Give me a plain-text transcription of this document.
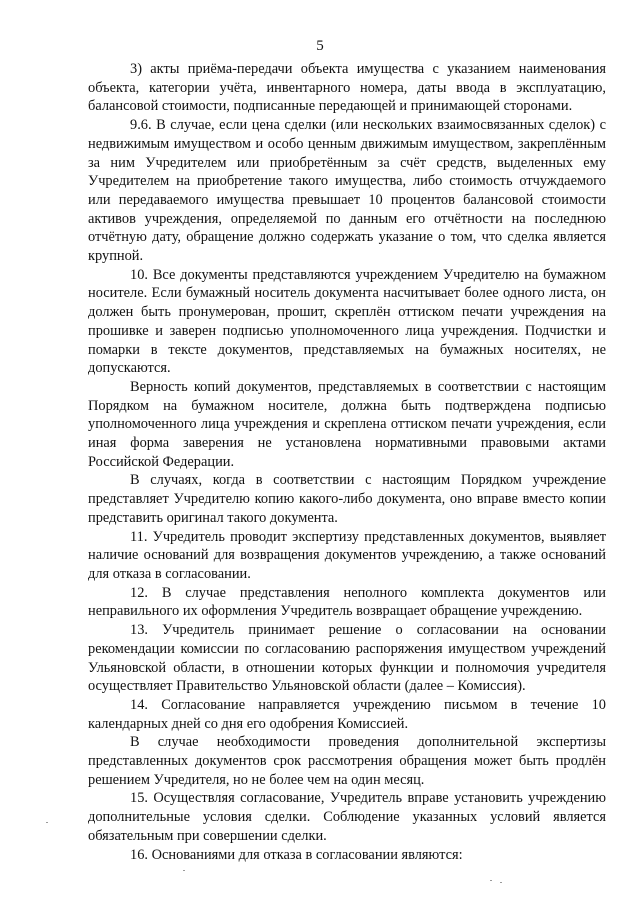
5

3) акты приёма-передачи объекта имущества с указанием наименования объекта, категории учёта, инвентарного номера, даты ввода в эксплуатацию, балансовой стоимости, подписанные передающей и принимающей сторонами.

9.6. В случае, если цена сделки (или нескольких взаимосвязанных сделок) с недвижимым имуществом и особо ценным движимым имуществом, закреплённым за ним Учредителем или приобретённым за счёт средств, выделенных ему Учредителем на приобретение такого имущества, либо стоимость отчуждаемого или передаваемого имущества превышает 10 процентов балансовой стоимости активов учреждения, определяемой по данным его отчётности на последнюю отчётную дату, обращение должно содержать указание о том, что сделка является крупной.

10. Все документы представляются учреждением Учредителю на бумажном носителе. Если бумажный носитель документа насчитывает более одного листа, он должен быть пронумерован, прошит, скреплён оттиском печати учреждения на прошивке и заверен подписью уполномоченного лица учреждения. Подчистки и помарки в тексте документов, представляемых на бумажных носителях, не допускаются.

Верность копий документов, представляемых в соответствии с настоящим Порядком на бумажном носителе, должна быть подтверждена подписью уполномоченного лица учреждения и скреплена оттиском печати учреждения, если иная форма заверения не установлена нормативными правовыми актами Российской Федерации.

В случаях, когда в соответствии с настоящим Порядком учреждение представляет Учредителю копию какого-либо документа, оно вправе вместо копии представить оригинал такого документа.

11. Учредитель проводит экспертизу представленных документов, выявляет наличие оснований для возвращения документов учреждению, а также оснований для отказа в согласовании.

12. В случае представления неполного комплекта документов или неправильного их оформления Учредитель возвращает обращение учреждению.

13. Учредитель принимает решение о согласовании на основании рекомендации комиссии по согласованию распоряжения имуществом учреждений Ульяновской области, в отношении которых функции и полномочия учредителя осуществляет Правительство Ульяновской области (далее – Комиссия).

14. Согласование направляется учреждению письмом в течение 10 календарных дней со дня его одобрения Комиссией.

В случае необходимости проведения дополнительной экспертизы представленных документов срок рассмотрения обращения может быть продлён решением Учредителя, но не более чем на один месяц.

15. Осуществляя согласование, Учредитель вправе установить учреждению дополнительные условия сделки. Соблюдение указанных условий является обязательным при совершении сделки.

16. Основаниями для отказа в согласовании являются:
